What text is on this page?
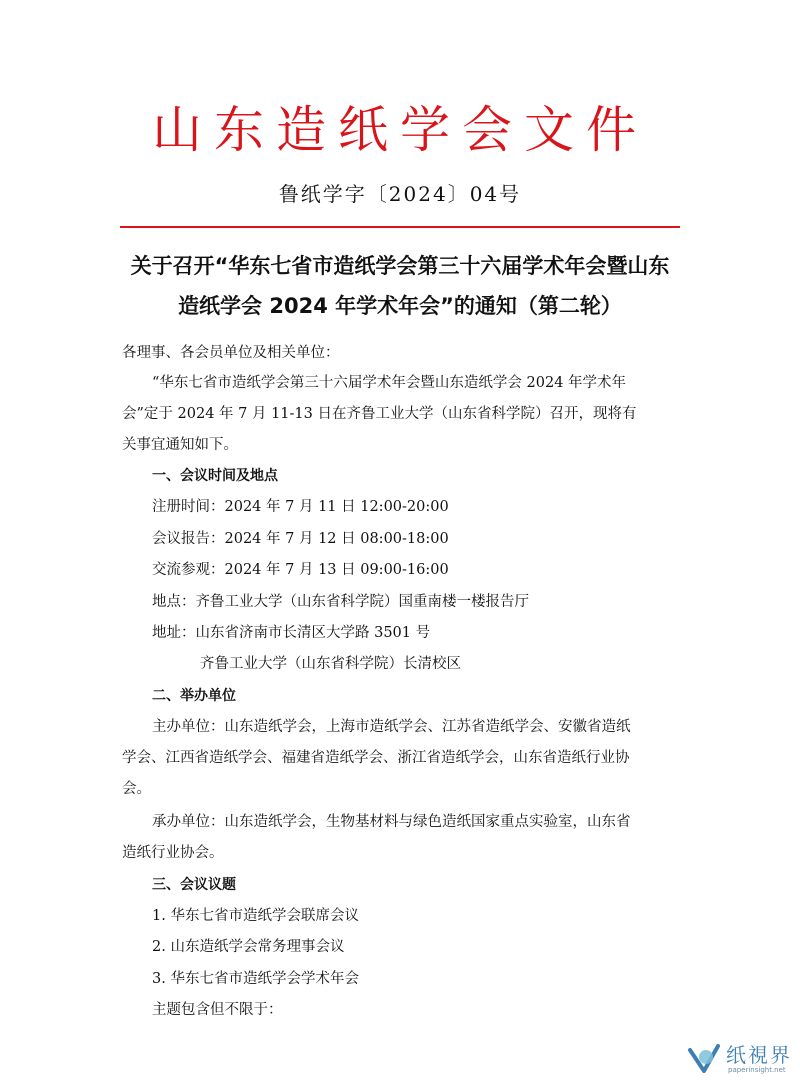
山东造纸学会文件
鲁纸学字〔2024〕04号
关于召开“华东七省市造纸学会第三十六届学术年会暨山东
造纸学会 2024 年学术年会”的通知（第二轮）
各理事、各会员单位及相关单位：
“华东七省市造纸学会第三十六届学术年会暨山东造纸学会 2024 年学术年
会”定于 2024 年 7 月 11-13 日在齐鲁工业大学（山东省科学院）召开，现将有
关事宜通知如下。
一、会议时间及地点
注册时间：2024 年 7 月 11 日 12:00-20:00
会议报告：2024 年 7 月 12 日 08:00-18:00
交流参观：2024 年 7 月 13 日 09:00-16:00
地点：齐鲁工业大学（山东省科学院）国重南楼一楼报告厅
地址：山东省济南市长清区大学路 3501 号
齐鲁工业大学（山东省科学院）长清校区
二、举办单位
主办单位：山东造纸学会，上海市造纸学会、江苏省造纸学会、安徽省造纸
学会、江西省造纸学会、福建省造纸学会、浙江省造纸学会，山东省造纸行业协
会。
承办单位：山东造纸学会，生物基材料与绿色造纸国家重点实验室，山东省
造纸行业协会。
三、会议议题
1. 华东七省市造纸学会联席会议
2. 山东造纸学会常务理事会议
3. 华东七省市造纸学会学术年会
主题包含但不限于：
纸視界
paperinsight.net
